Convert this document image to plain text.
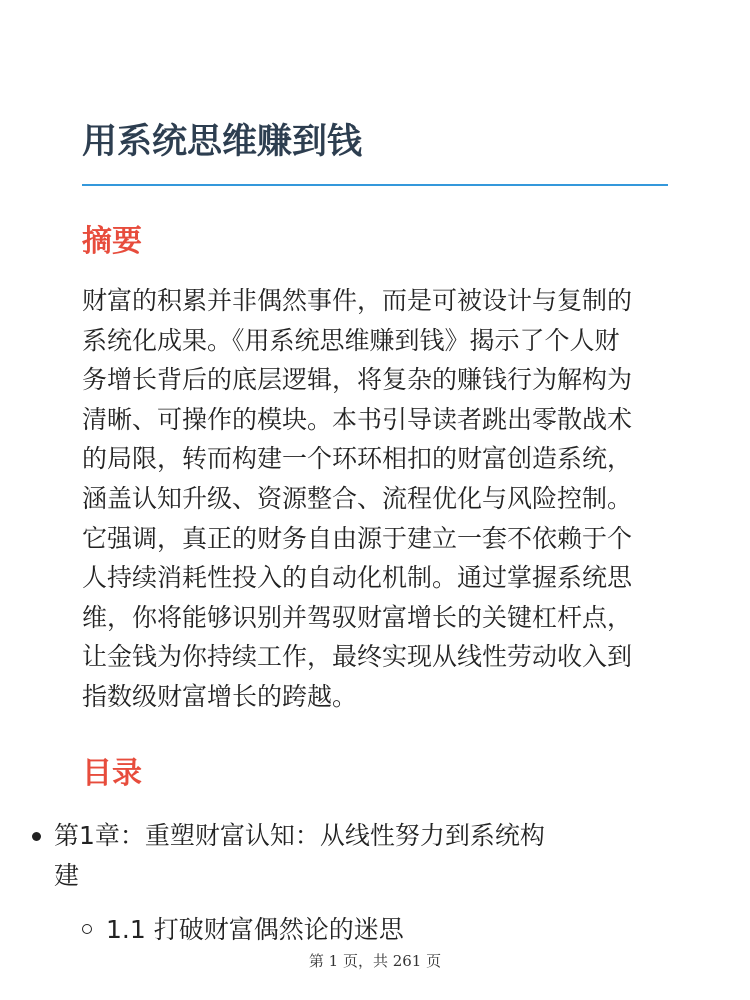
用系统思维赚到钱
摘要
财富的积累并非偶然事件，而是可被设计与复制的
系统化成果。《用系统思维赚到钱》揭示了个人财
务增长背后的底层逻辑，将复杂的赚钱行为解构为
清晰、可操作的模块。本书引导读者跳出零散战术
的局限，转而构建一个环环相扣的财富创造系统，
涵盖认知升级、资源整合、流程优化与风险控制。
它强调，真正的财务自由源于建立一套不依赖于个
人持续消耗性投入的自动化机制。通过掌握系统思
维，你将能够识别并驾驭财富增长的关键杠杆点，
让金钱为你持续工作，最终实现从线性劳动收入到
指数级财富增长的跨越。
目录
第1章：重塑财富认知：从线性努力到系统构
建
1.1 打破财富偶然论的迷思
第 1 页，共 261 页
